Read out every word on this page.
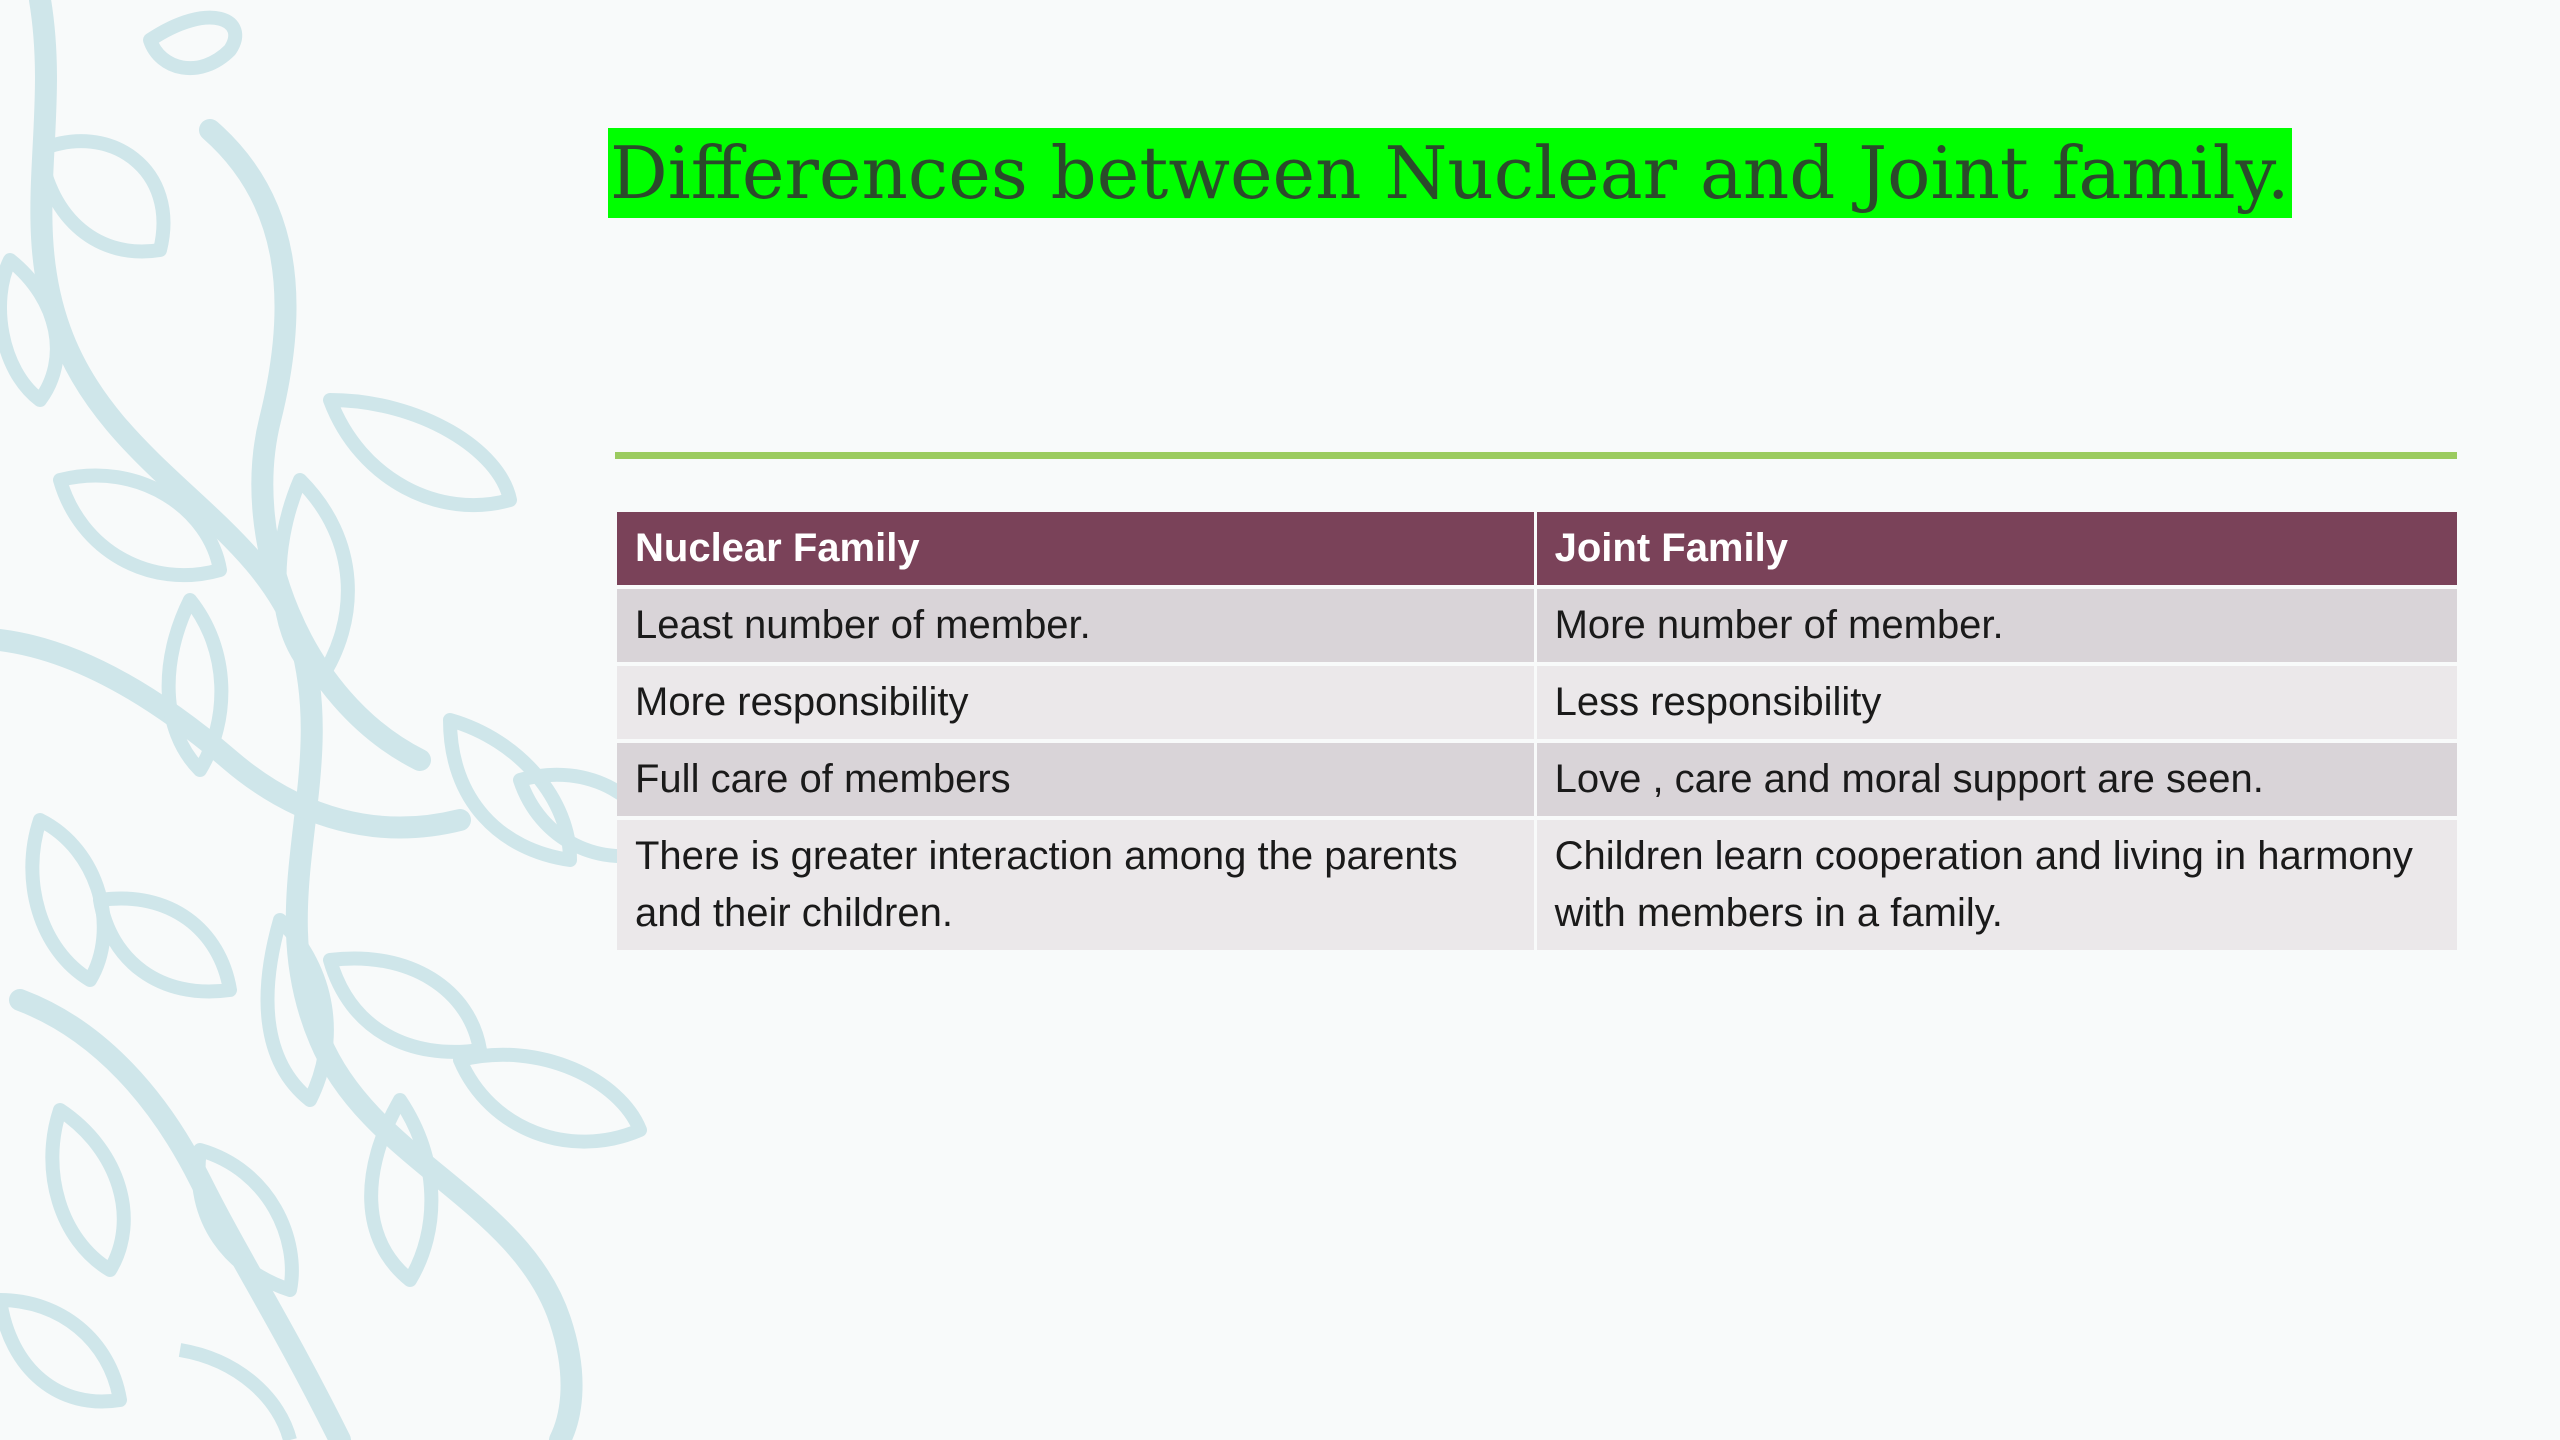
Differences between Nuclear and Joint family.
Nuclear Family	Joint Family
Least number of member.	More number of member.
More responsibility	Less responsibility
Full care of members	Love , care and moral support are seen.
There is greater interaction among the parents and their children.	Children learn cooperation and living in harmony with members in a family.
